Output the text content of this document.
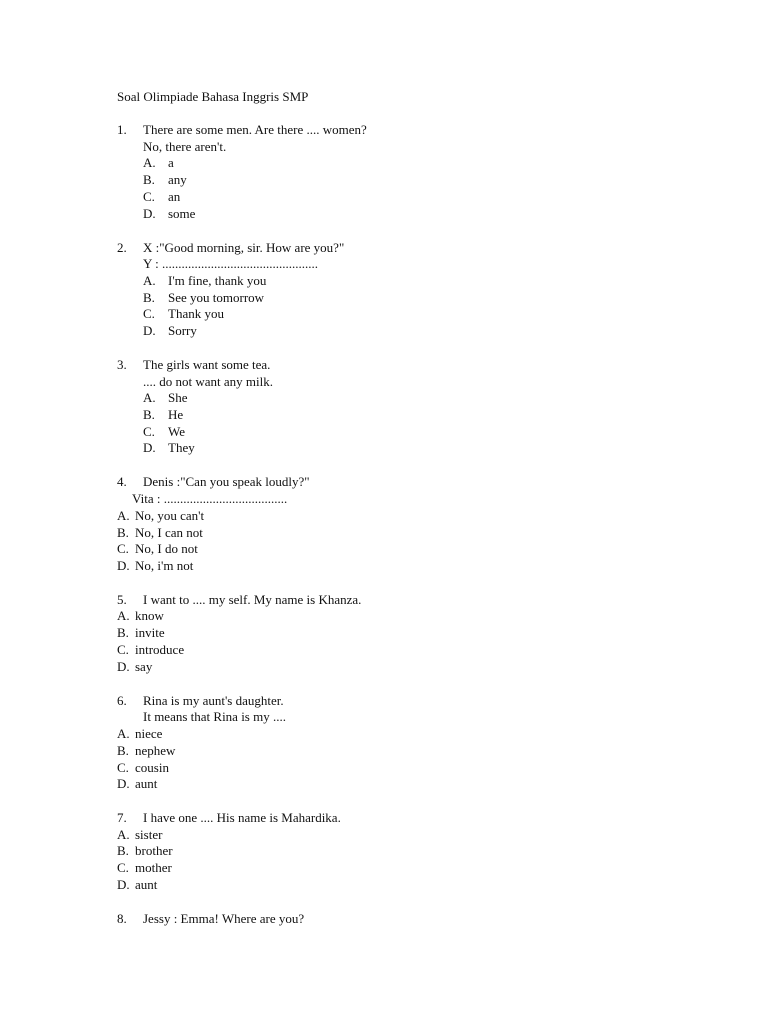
Soal Olimpiade Bahasa Inggris SMP
1. There are some men. Are there .... women?
No, there aren't.
A. a
B. any
C. an
D. some
2. X :"Good morning, sir. How are you?"
Y : ................................................
A. I'm fine, thank you
B. See you tomorrow
C. Thank you
D. Sorry
3. The girls want some tea.
.... do not want any milk.
A. She
B. He
C. We
D. They
4. Denis :"Can you speak loudly?"
Vita : ......................................
A. No, you can't
B. No, I can not
C. No, I do not
D. No, i'm not
5. I want to .... my self. My name is Khanza.
A. know
B. invite
C. introduce
D. say
6. Rina is my aunt's daughter.
It means that Rina is my ....
A. niece
B. nephew
C. cousin
D. aunt
7. I have one .... His name is Mahardika.
A. sister
B. brother
C. mother
D. aunt
8. Jessy : Emma! Where are you?
